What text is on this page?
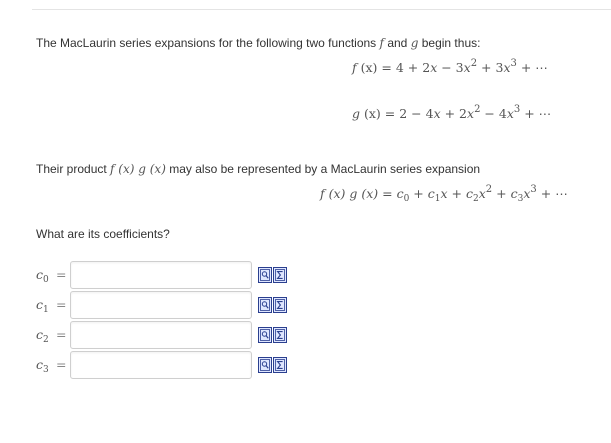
The MacLaurin series expansions for the following two functions f and g begin thus:
f $(x) = 4 + 2x - 3x^2 + 3x^3$ + ⋯
g $(x) = 2 - 4x + 2x^2 - 4x^3$ + ⋯
Their product f (x) g (x) may also be represented by a MacLaurin series expansion
f (x) g $(x) = c_0 + c_1x + c_2x^2 + c_3x^3$ + ⋯
What are its coefficients?
$c_0$ =
$c_1$ =
$c_2$ =
$c_3$ =
